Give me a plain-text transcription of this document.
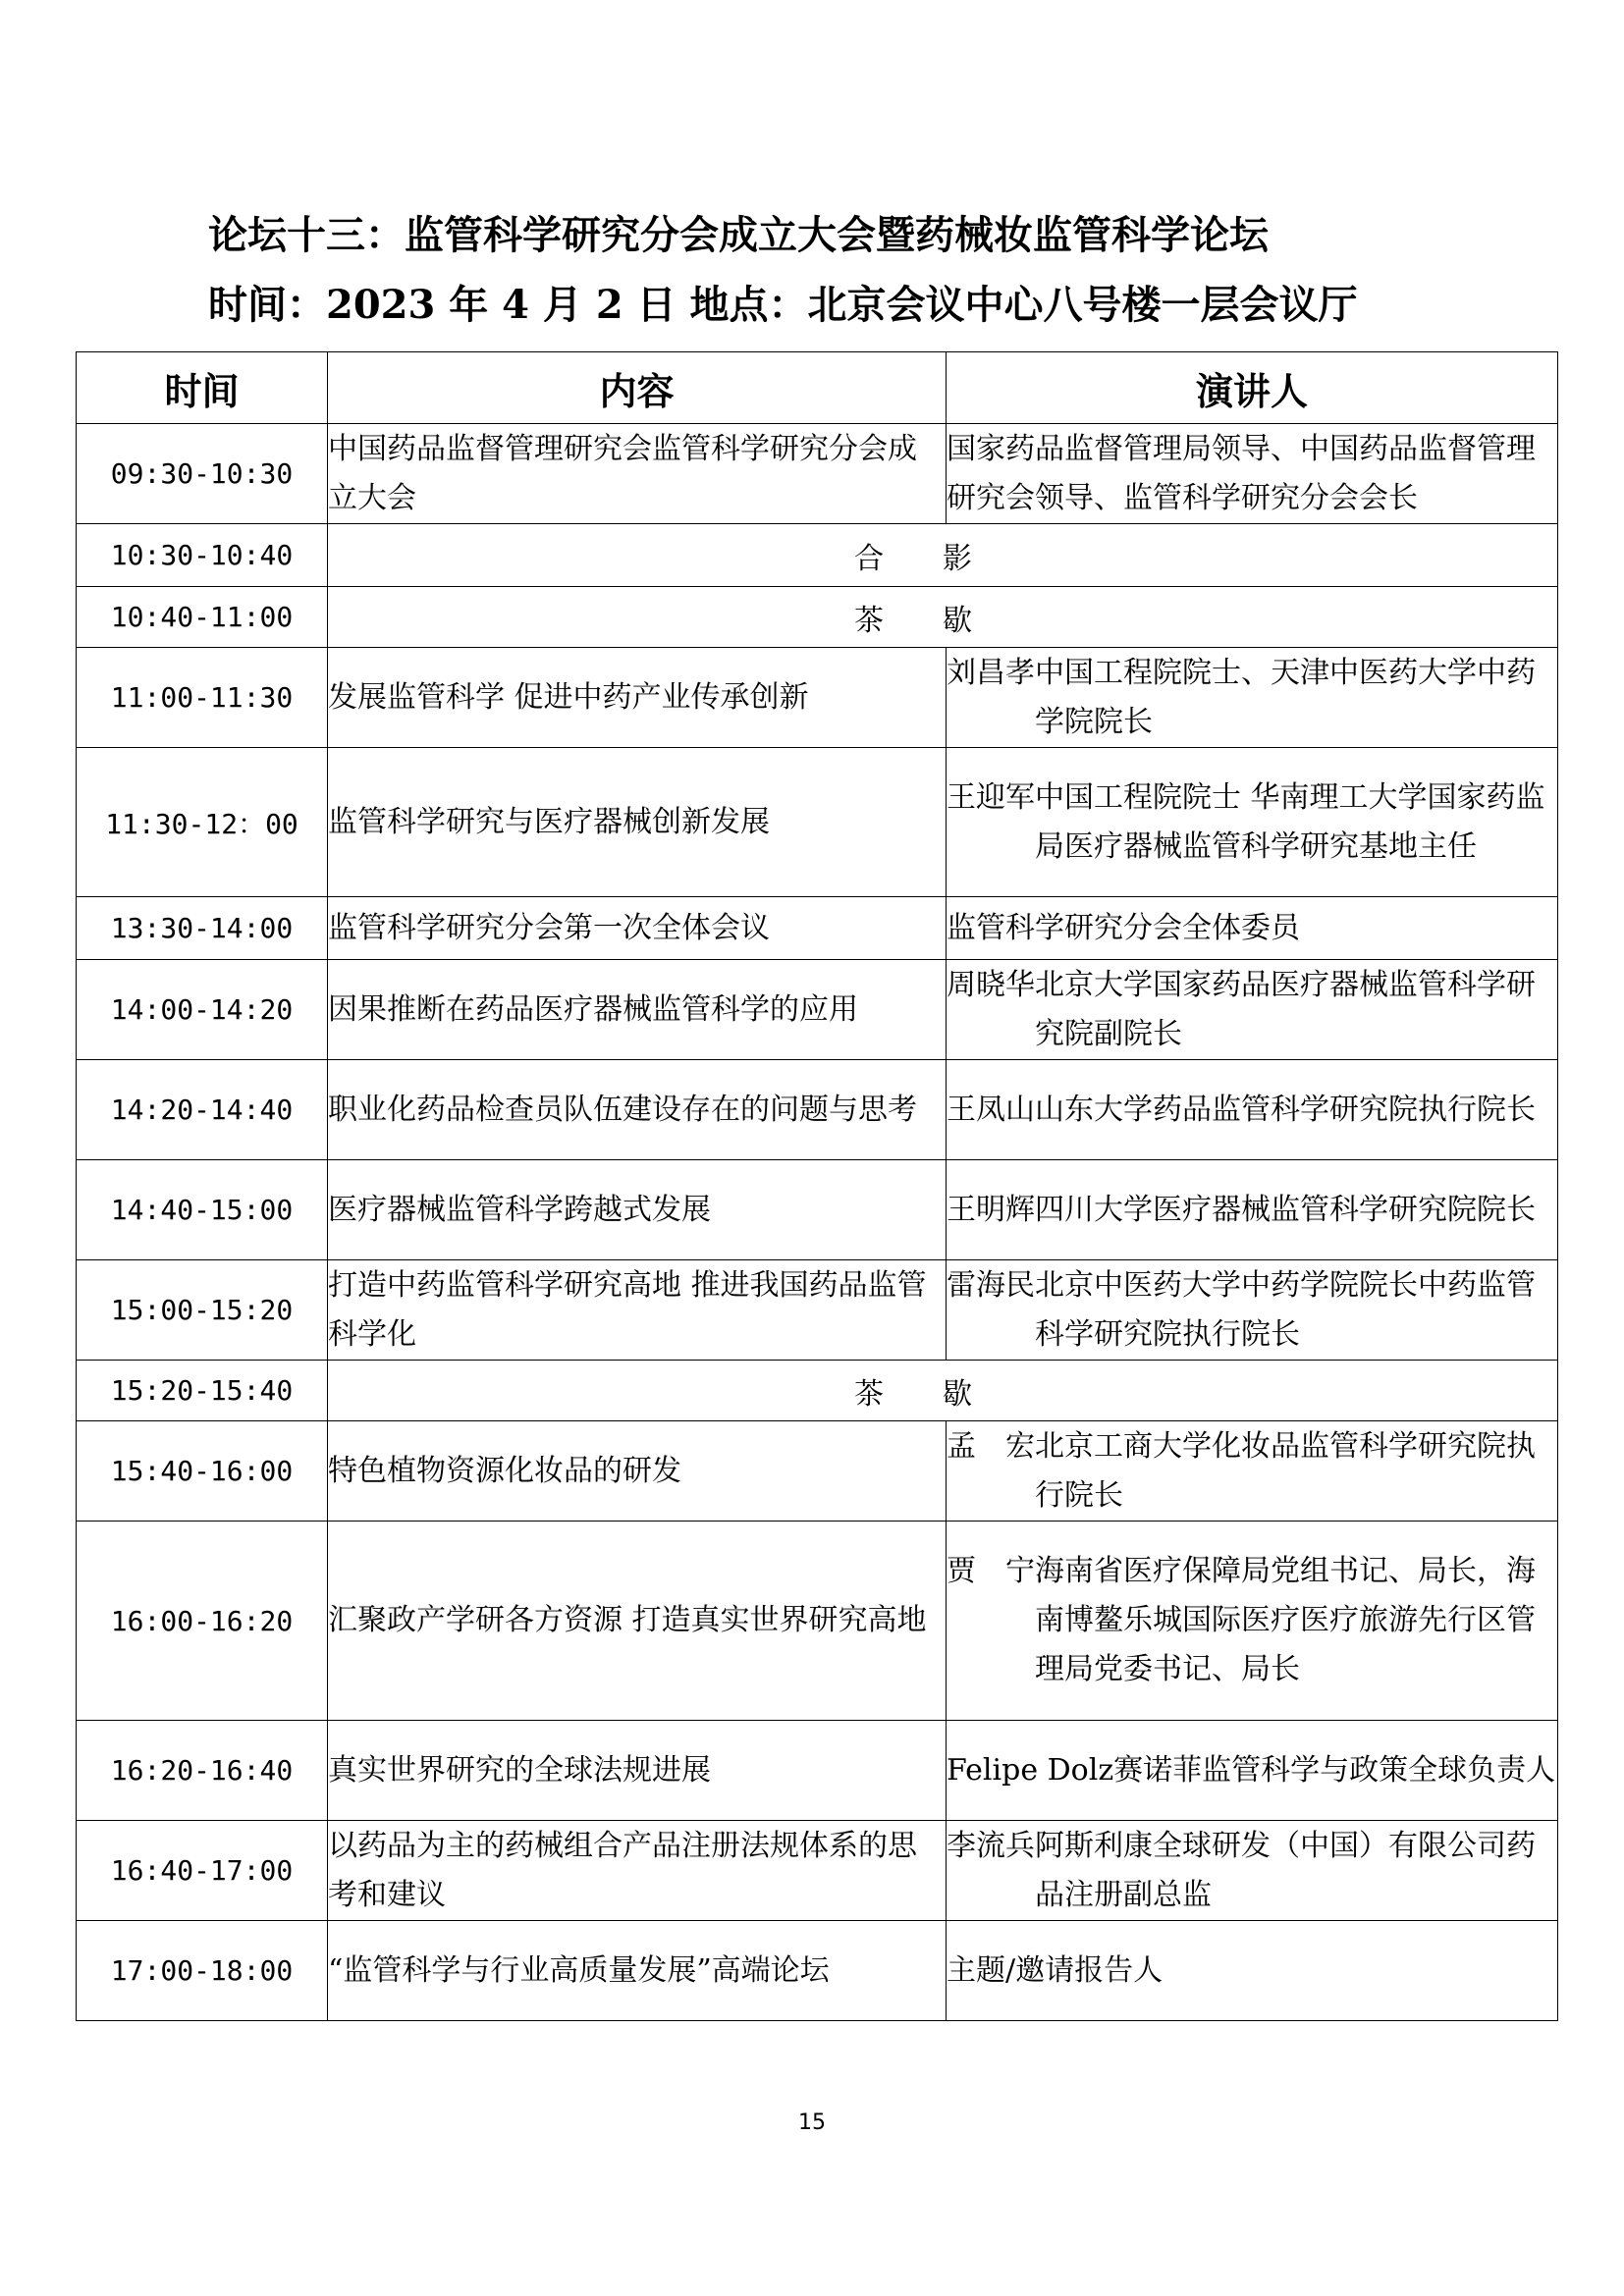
论坛十三：监管科学研究分会成立大会暨药械妆监管科学论坛
时间：2023 年 4 月 2 日 地点：北京会议中心八号楼一层会议厅
时间	内容	演讲人
09:30-10:30	中国药品监督管理研究会监管科学研究分会成立大会	国家药品监督管理局领导、中国药品监督管理研究会领导、监管科学研究分会会长

10:30-10:40	合影	
10:40-11:00	茶歇	
11:00-11:30	发展监管科学 促进中药产业传承创新	刘昌孝 中国工程院院士、天津中医药大学中药学院院长

11:30-12：00	监管科学研究与医疗器械创新发展	王迎军 中国工程院院士 华南理工大学国家药监局医疗器械监管科学研究基地主任

13:30-14:00	监管科学研究分会第一次全体会议	监管科学研究分会全体委员

14:00-14:20	因果推断在药品医疗器械监管科学的应用	周晓华 北京大学国家药品医疗器械监管科学研究院副院长

14:20-14:40	职业化药品检查员队伍建设存在的问题与思考	王凤山 山东大学药品监管科学研究院执行院长

14:40-15:00	医疗器械监管科学跨越式发展	王明辉 四川大学医疗器械监管科学研究院院长

15:00-15:20	打造中药监管科学研究高地 推进我国药品监管科学化	雷海民 北京中医药大学中药学院院长中药监管科学研究院执行院长

15:20-15:40	茶歇	
15:40-16:00	特色植物资源化妆品的研发	孟　宏 北京工商大学化妆品监管科学研究院执行院长

16:00-16:20	汇聚政产学研各方资源 打造真实世界研究高地	贾　宁 海南省医疗保障局党组书记、局长，海南博鳌乐城国际医疗医疗旅游先行区管理局党委书记、局长

16:20-16:40	真实世界研究的全球法规进展	Felipe Dolz 赛诺菲监管科学与政策全球负责人

16:40-17:00	以药品为主的药械组合产品注册法规体系的思考和建议	李流兵 阿斯利康全球研发（中国）有限公司药品注册副总监

17:00-18:00	“监管科学与行业高质量发展”高端论坛	主题/邀请报告人
15
